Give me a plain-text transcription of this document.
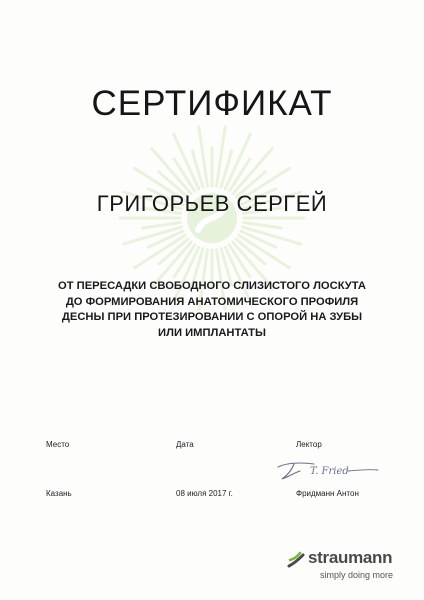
СЕРТИФИКАТ
ГРИГОРЬЕВ СЕРГЕЙ
ОТ ПЕРЕСАДКИ СВОБОДНОГО СЛИЗИСТОГО ЛОСКУТА
ДО ФОРМИРОВАНИЯ АНАТОМИЧЕСКОГО ПРОФИЛЯ
ДЕСНЫ ПРИ ПРОТЕЗИРОВАНИИ С ОПОРОЙ НА ЗУБЫ
ИЛИ ИМПЛАНТАТЫ
Место	Дата	Лектор
T. Fried
Казань	08 июля 2017 г.	Фридманн Антон
straumann
simply doing more
